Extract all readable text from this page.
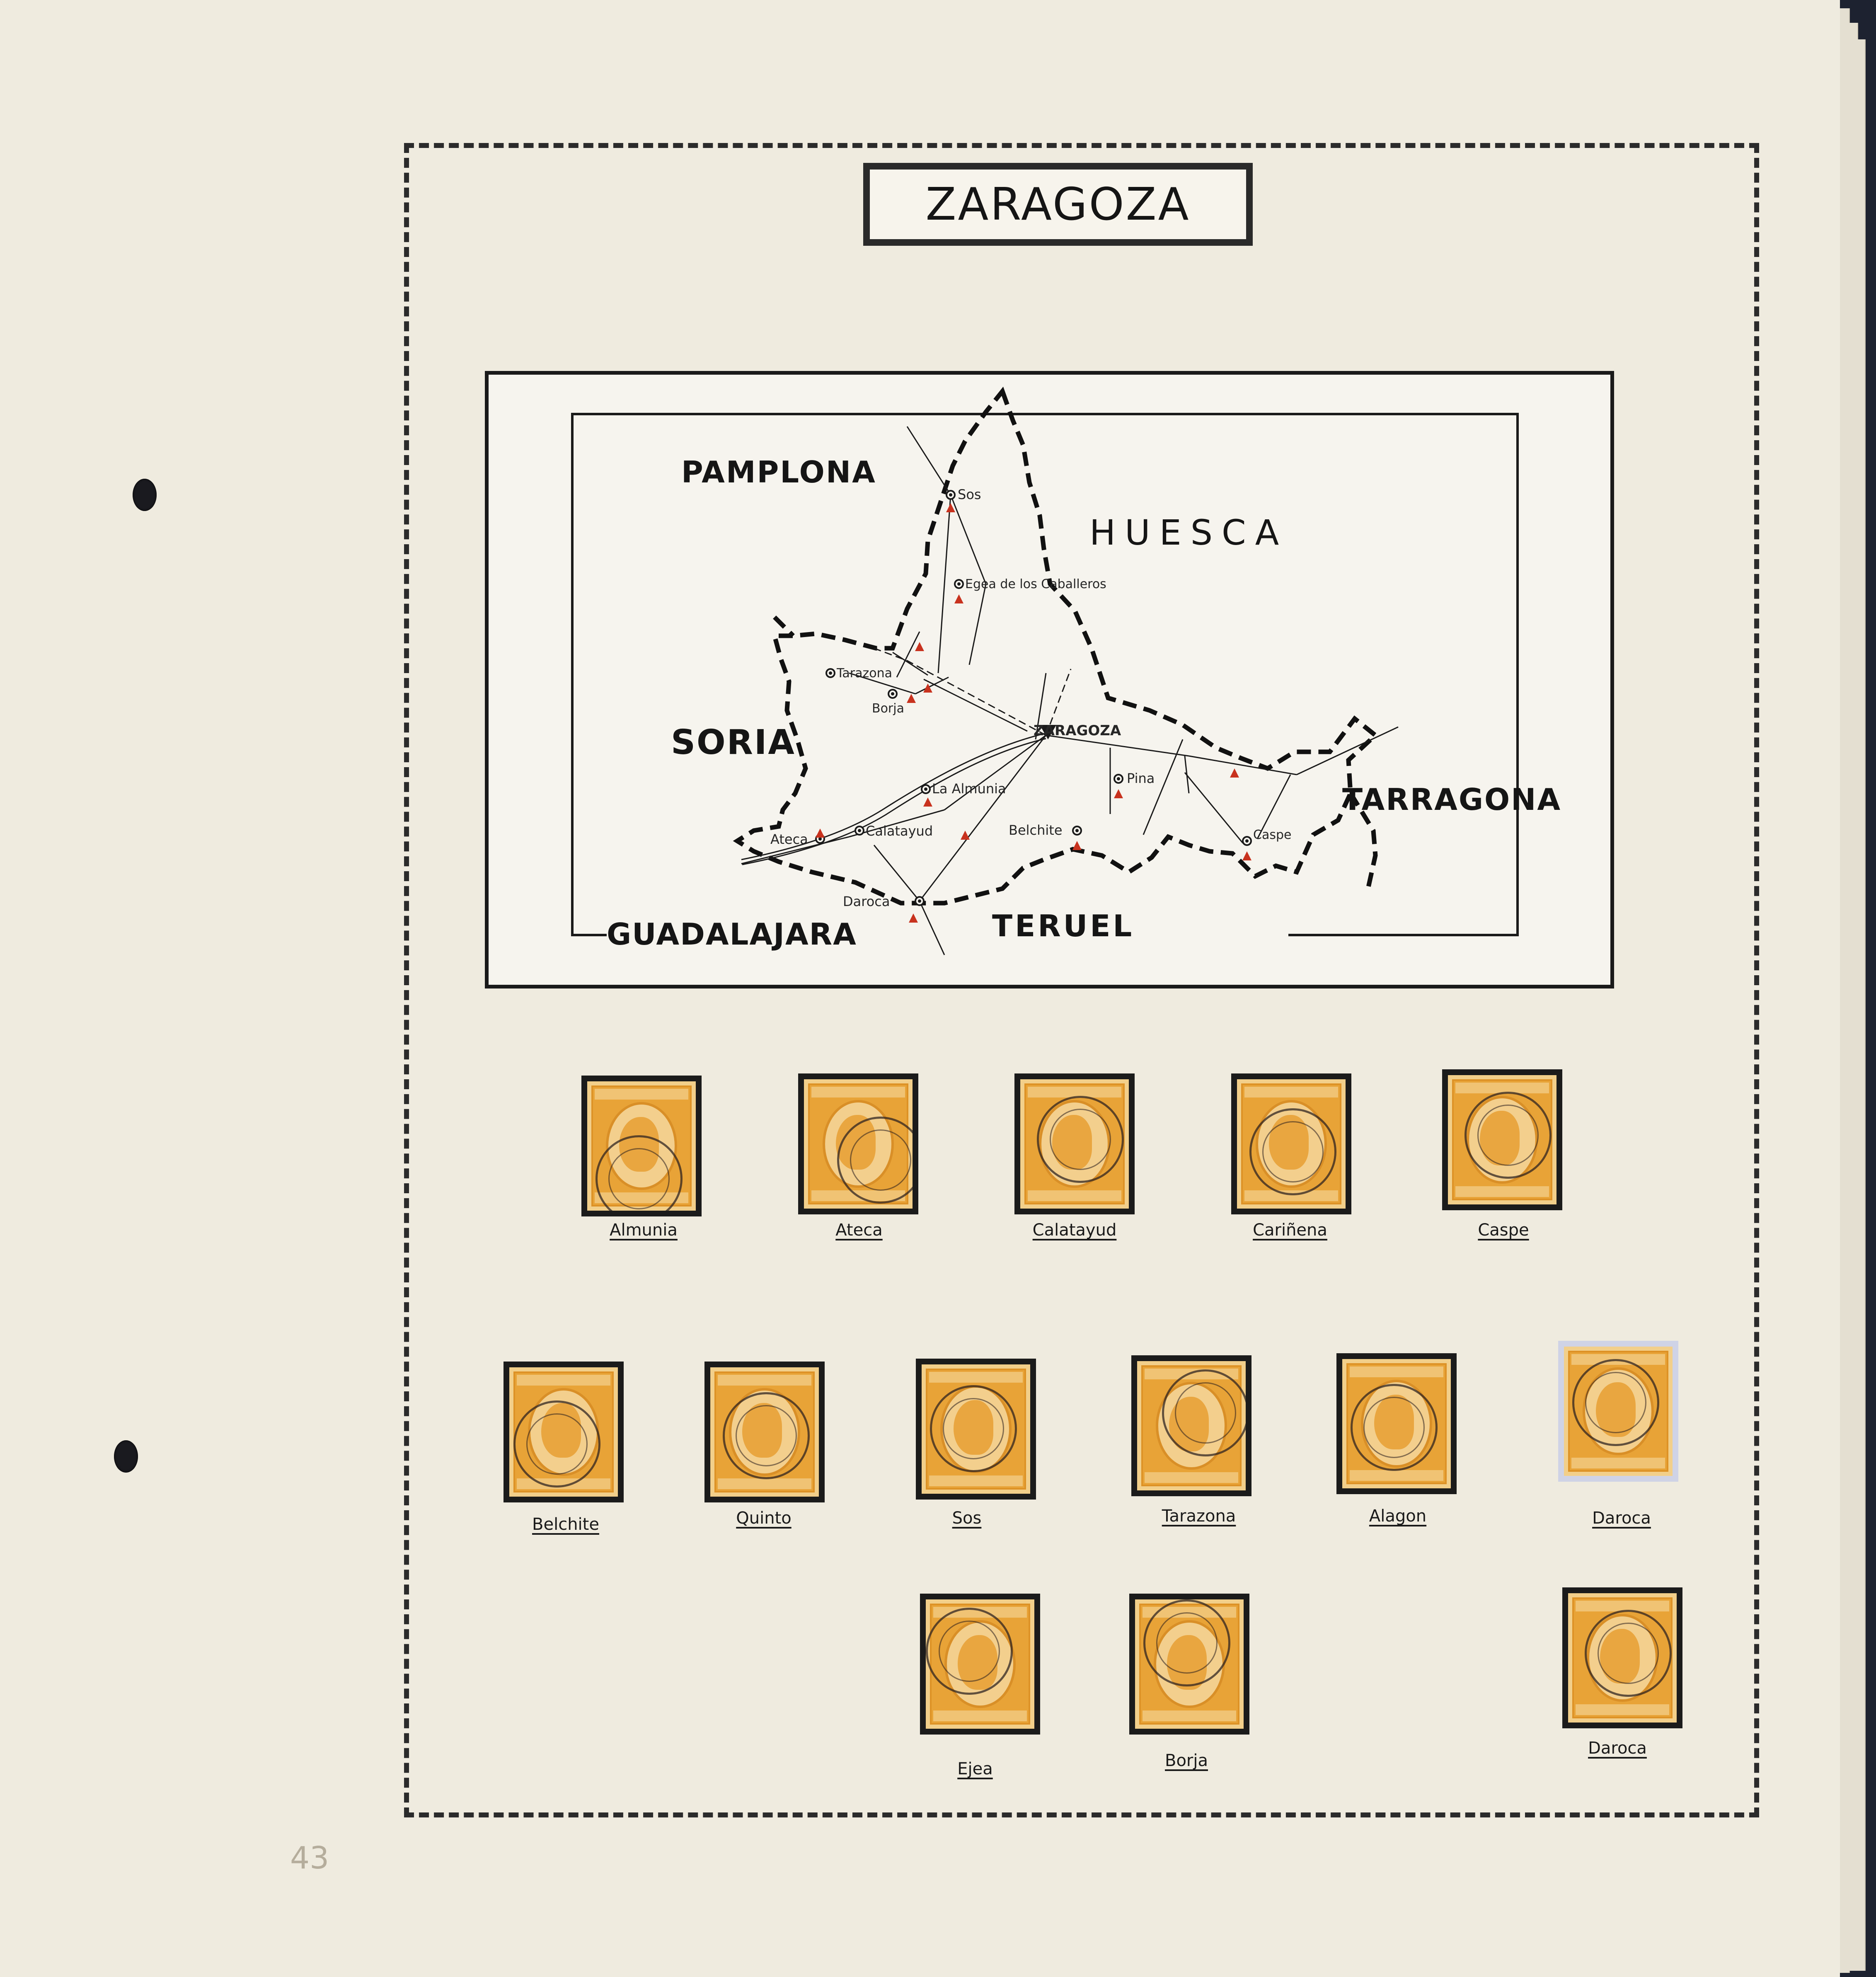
ZARAGOZA
PAMPLONA
HUESCA
SORIA
TARRAGONA
GUADALAJARA	TERUEL
ZARAGOZA
Sos
Egea de los Caballeros
Tarazona
Borja
La Almunia
Calatayud
Ateca
Belchite
Pina
Caspe
Daroca
Almunia	Ateca	Calatayud	Cariñena	Caspe
Belchite	Quinto	Sos	Tarazona	Alagon	Daroca
Ejea	Borja
Daroca
43
